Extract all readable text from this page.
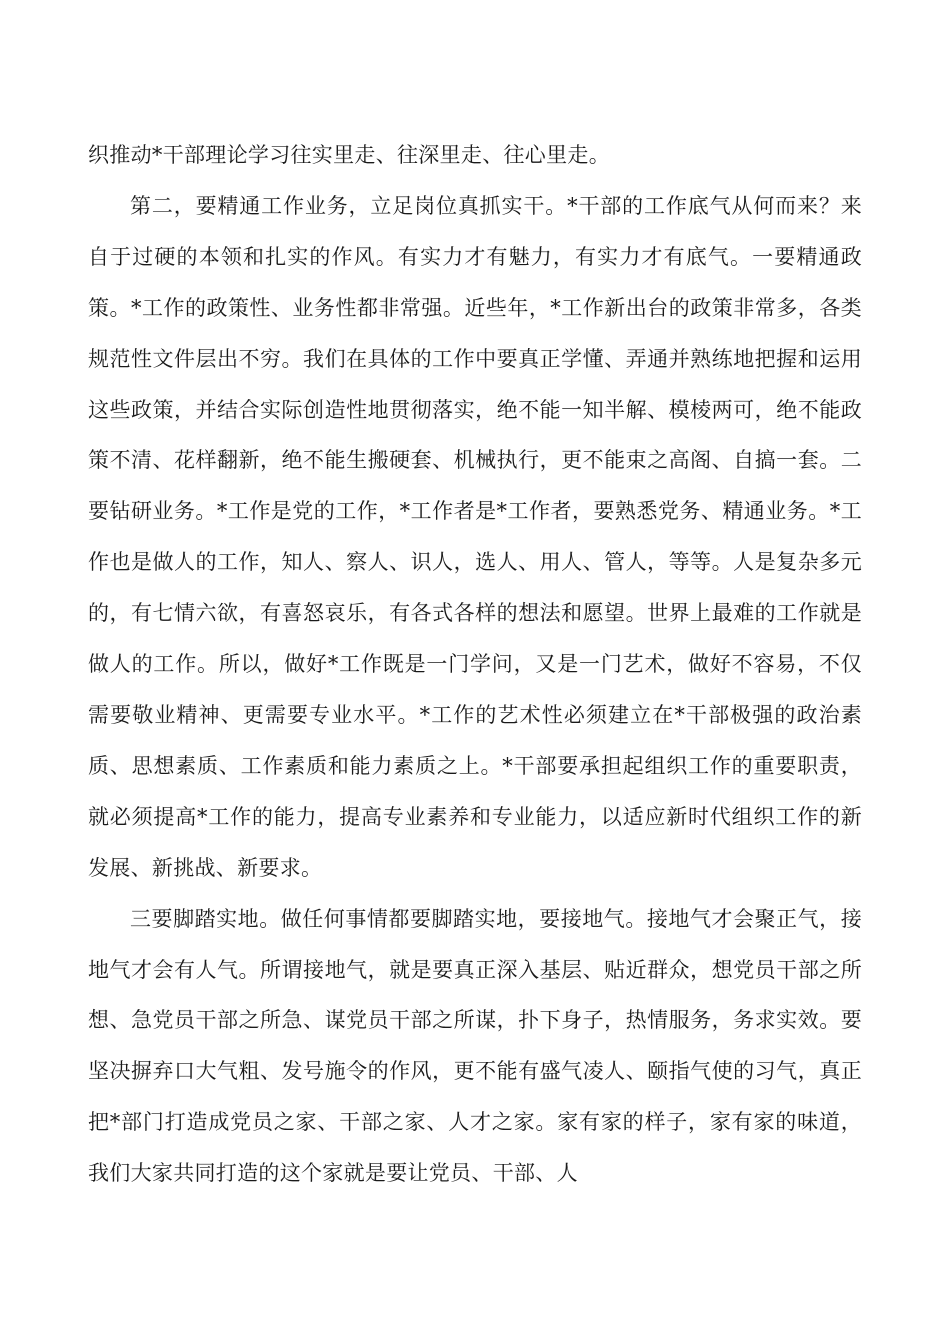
织推动*干部理论学习往实里走、往深里走、往心里走。

第二，要精通工作业务，立足岗位真抓实干。*干部的工作底气从何而来？来自于过硬的本领和扎实的作风。有实力才有魅力，有实力才有底气。一要精通政策。*工作的政策性、业务性都非常强。近些年，*工作新出台的政策非常多，各类规范性文件层出不穷。我们在具体的工作中要真正学懂、弄通并熟练地把握和运用这些政策，并结合实际创造性地贯彻落实，绝不能一知半解、模棱两可，绝不能政策不清、花样翻新，绝不能生搬硬套、机械执行，更不能束之高阁、自搞一套。二要钻研业务。*工作是党的工作，*工作者是*工作者，要熟悉党务、精通业务。*工作也是做人的工作，知人、察人、识人，选人、用人、管人，等等。人是复杂多元的，有七情六欲，有喜怒哀乐，有各式各样的想法和愿望。世界上最难的工作就是做人的工作。所以，做好*工作既是一门学问，又是一门艺术，做好不容易，不仅需要敬业精神、更需要专业水平。*工作的艺术性必须建立在*干部极强的政治素质、思想素质、工作素质和能力素质之上。*干部要承担起组织工作的重要职责，就必须提高*工作的能力，提高专业素养和专业能力，以适应新时代组织工作的新发展、新挑战、新要求。

三要脚踏实地。做任何事情都要脚踏实地，要接地气。接地气才会聚正气，接地气才会有人气。所谓接地气，就是要真正深入基层、贴近群众，想党员干部之所想、急党员干部之所急、谋党员干部之所谋，扑下身子，热情服务，务求实效。要坚决摒弃口大气粗、发号施令的作风，更不能有盛气凌人、颐指气使的习气，真正把*部门打造成党员之家、干部之家、人才之家。家有家的样子，家有家的味道，我们大家共同打造的这个家就是要让党员、干部、人
